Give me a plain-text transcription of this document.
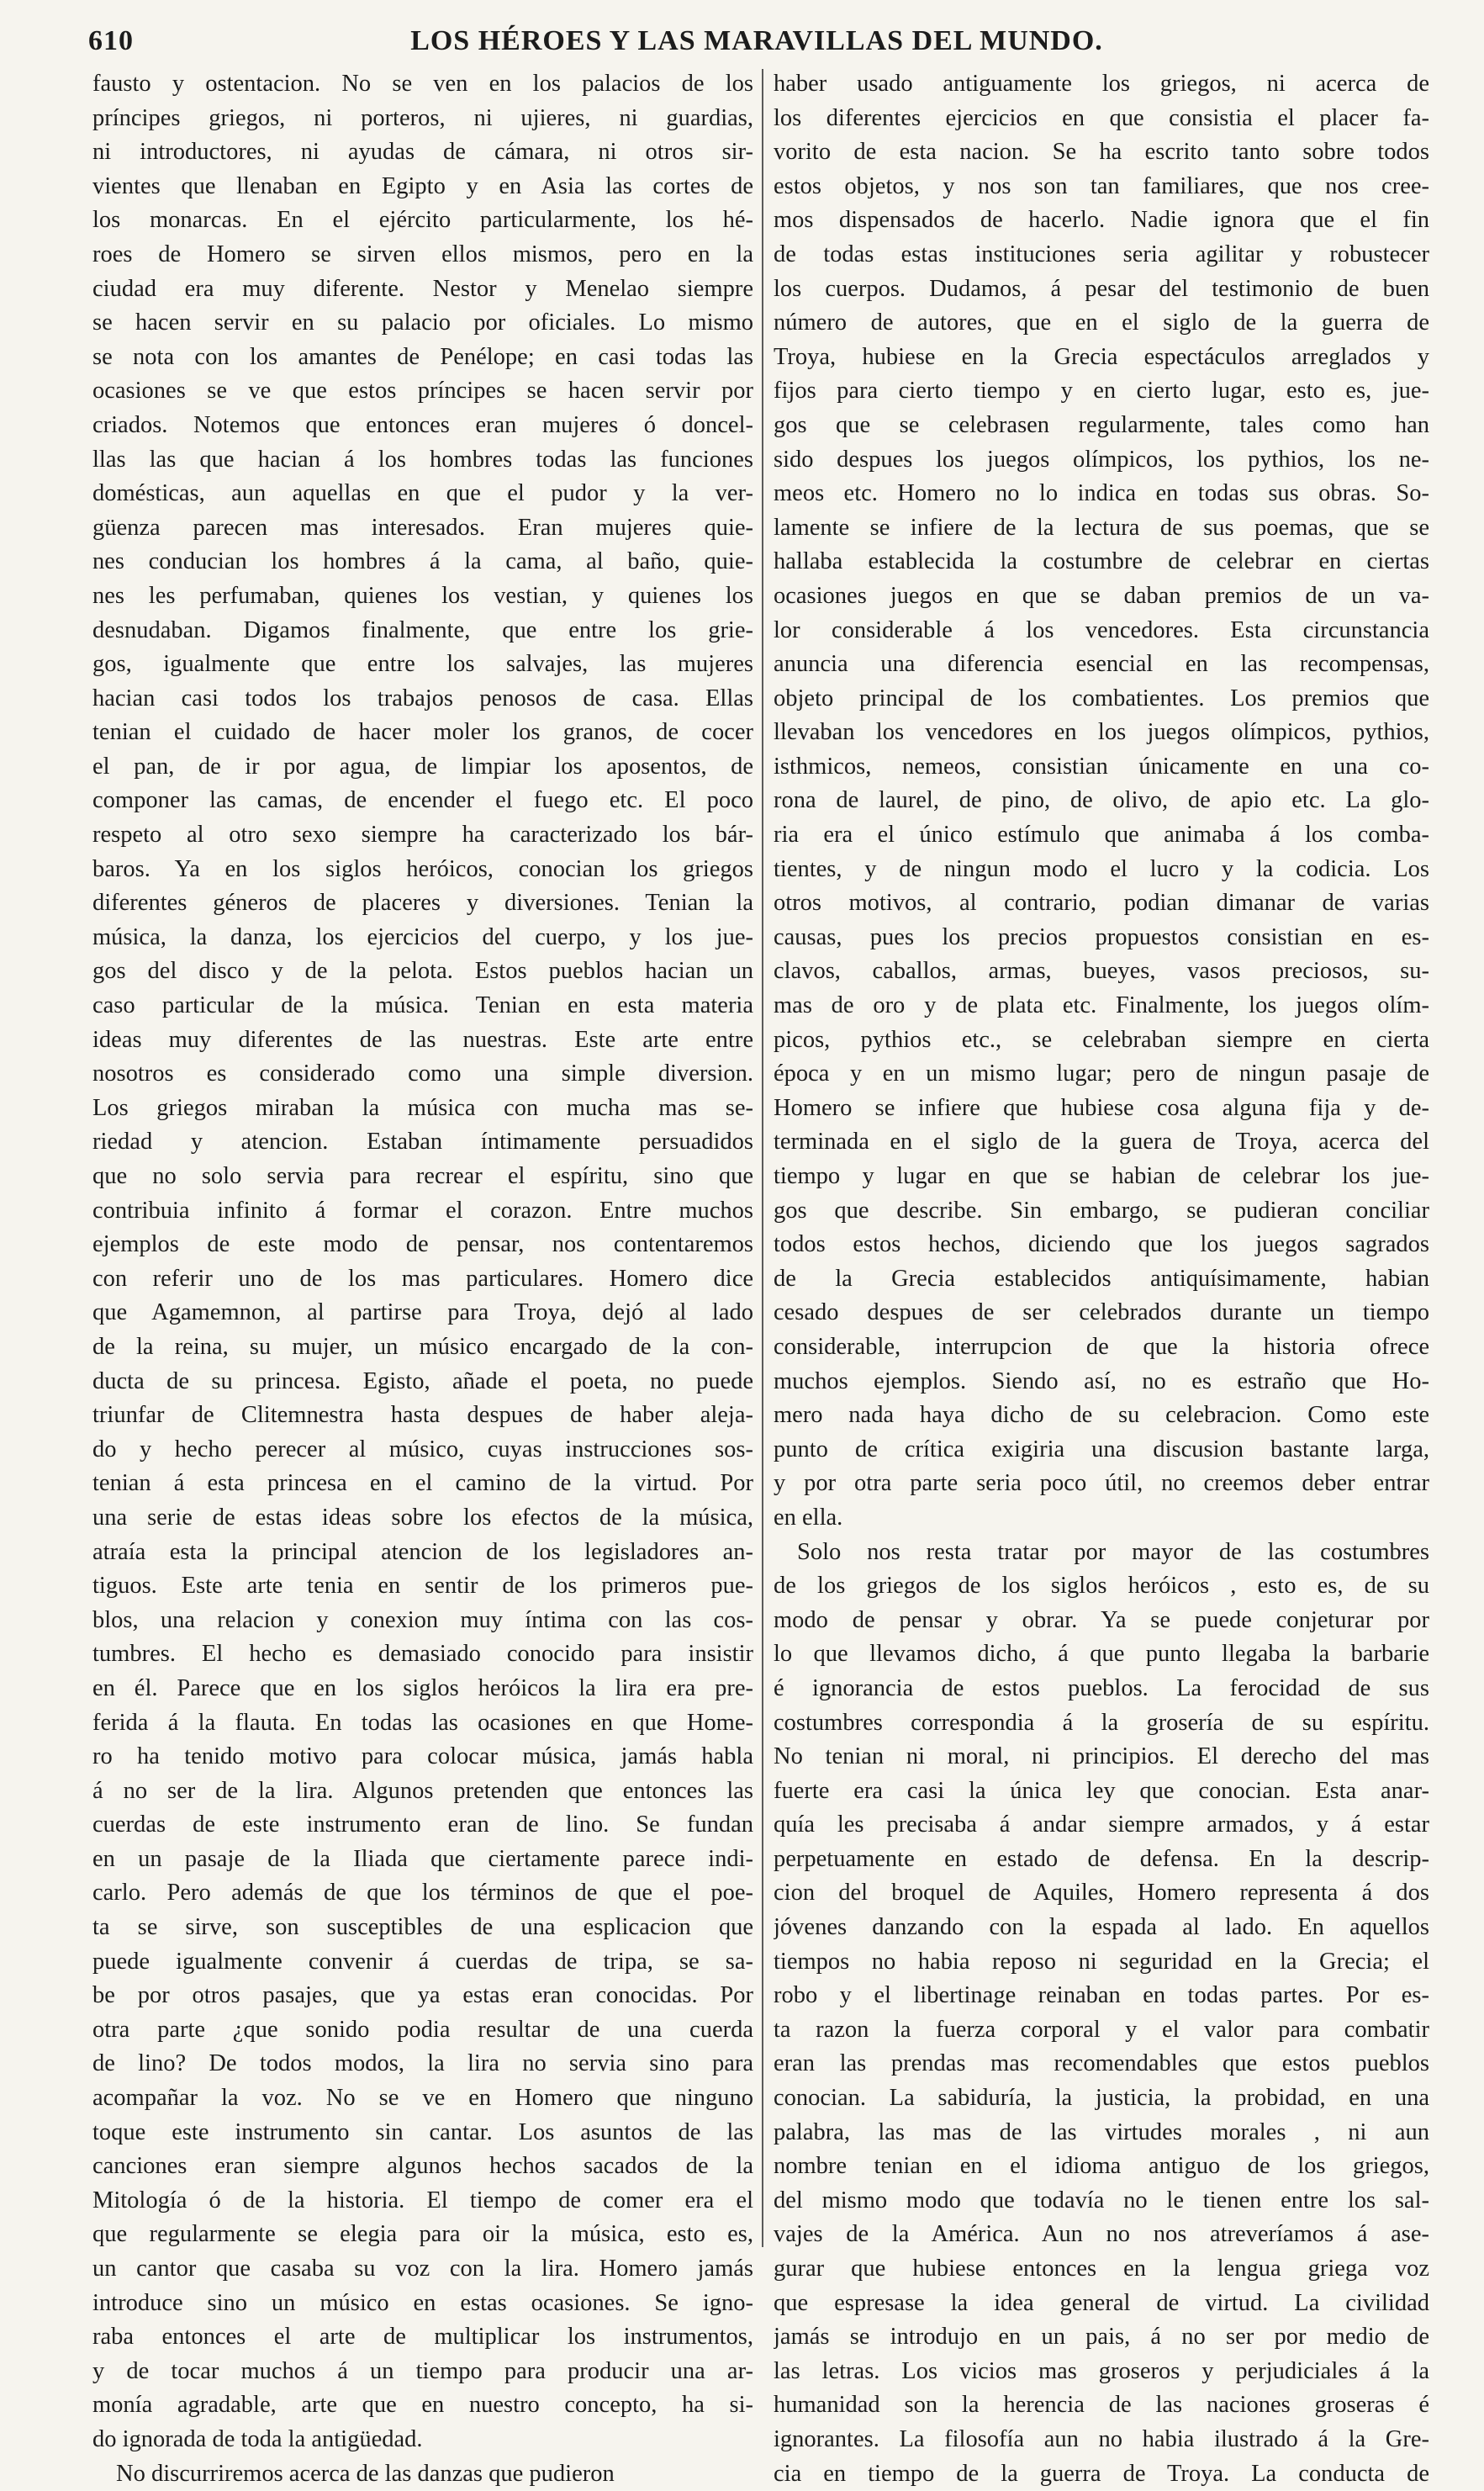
610	LOS HÉROES Y LAS MARAVILLAS DEL MUNDO.
fausto y ostentacion. No se ven en los palacios de los
príncipes griegos, ni porteros, ni ujieres, ni guardias,
ni introductores, ni ayudas de cámara, ni otros sir-
vientes que llenaban en Egipto y en Asia las cortes de
los monarcas. En el ejército particularmente, los hé-
roes de Homero se sirven ellos mismos, pero en la
ciudad era muy diferente. Nestor y Menelao siempre
se hacen servir en su palacio por oficiales. Lo mismo
se nota con los amantes de Penélope; en casi todas las
ocasiones se ve que estos príncipes se hacen servir por
criados. Notemos que entonces eran mujeres ó doncel-
llas las que hacian á los hombres todas las funciones
domésticas, aun aquellas en que el pudor y la ver-
güenza parecen mas interesados. Eran mujeres quie-
nes conducian los hombres á la cama, al baño, quie-
nes les perfumaban, quienes los vestian, y quienes los
desnudaban. Digamos finalmente, que entre los grie-
gos, igualmente que entre los salvajes, las mujeres
hacian casi todos los trabajos penosos de casa. Ellas
tenian el cuidado de hacer moler los granos, de cocer
el pan, de ir por agua, de limpiar los aposentos, de
componer las camas, de encender el fuego etc. El poco
respeto al otro sexo siempre ha caracterizado los bár-
baros. Ya en los siglos heróicos, conocian los griegos
diferentes géneros de placeres y diversiones. Tenian la
música, la danza, los ejercicios del cuerpo, y los jue-
gos del disco y de la pelota. Estos pueblos hacian un
caso particular de la música. Tenian en esta materia
ideas muy diferentes de las nuestras. Este arte entre
nosotros es considerado como una simple diversion.
Los griegos miraban la música con mucha mas se-
riedad y atencion. Estaban íntimamente persuadidos
que no solo servia para recrear el espíritu, sino que
contribuia infinito á formar el corazon. Entre muchos
ejemplos de este modo de pensar, nos contentaremos
con referir uno de los mas particulares. Homero dice
que Agamemnon, al partirse para Troya, dejó al lado
de la reina, su mujer, un músico encargado de la con-
ducta de su princesa. Egisto, añade el poeta, no puede
triunfar de Clitemnestra hasta despues de haber aleja-
do y hecho perecer al músico, cuyas instrucciones sos-
tenian á esta princesa en el camino de la virtud. Por
una serie de estas ideas sobre los efectos de la música,
atraía esta la principal atencion de los legisladores an-
tiguos. Este arte tenia en sentir de los primeros pue-
blos, una relacion y conexion muy íntima con las cos-
tumbres. El hecho es demasiado conocido para insistir
en él. Parece que en los siglos heróicos la lira era pre-
ferida á la flauta. En todas las ocasiones en que Home-
ro ha tenido motivo para colocar música, jamás habla
á no ser de la lira. Algunos pretenden que entonces las
cuerdas de este instrumento eran de lino. Se fundan
en un pasaje de la Iliada que ciertamente parece indi-
carlo. Pero además de que los términos de que el poe-
ta se sirve, son susceptibles de una esplicacion que
puede igualmente convenir á cuerdas de tripa, se sa-
be por otros pasajes, que ya estas eran conocidas. Por
otra parte ¿que sonido podia resultar de una cuerda
de lino? De todos modos, la lira no servia sino para
acompañar la voz. No se ve en Homero que ninguno
toque este instrumento sin cantar. Los asuntos de las
canciones eran siempre algunos hechos sacados de la
Mitología ó de la historia. El tiempo de comer era el
que regularmente se elegia para oir la música, esto es,
un cantor que casaba su voz con la lira. Homero jamás
introduce sino un músico en estas ocasiones. Se igno-
raba entonces el arte de multiplicar los instrumentos,
y de tocar muchos á un tiempo para producir una ar-
monía agradable, arte que en nuestro concepto, ha si-
do ignorada de toda la antigüedad.
No discurriremos acerca de las danzas que pudieron
haber usado antiguamente los griegos, ni acerca de
los diferentes ejercicios en que consistia el placer fa-
vorito de esta nacion. Se ha escrito tanto sobre todos
estos objetos, y nos son tan familiares, que nos cree-
mos dispensados de hacerlo. Nadie ignora que el fin
de todas estas instituciones seria agilitar y robustecer
los cuerpos. Dudamos, á pesar del testimonio de buen
número de autores, que en el siglo de la guerra de
Troya, hubiese en la Grecia espectáculos arreglados y
fijos para cierto tiempo y en cierto lugar, esto es, jue-
gos que se celebrasen regularmente, tales como han
sido despues los juegos olímpicos, los pythios, los ne-
meos etc. Homero no lo indica en todas sus obras. So-
lamente se infiere de la lectura de sus poemas, que se
hallaba establecida la costumbre de celebrar en ciertas
ocasiones juegos en que se daban premios de un va-
lor considerable á los vencedores. Esta circunstancia
anuncia una diferencia esencial en las recompensas,
objeto principal de los combatientes. Los premios que
llevaban los vencedores en los juegos olímpicos, pythios,
isthmicos, nemeos, consistian únicamente en una co-
rona de laurel, de pino, de olivo, de apio etc. La glo-
ria era el único estímulo que animaba á los comba-
tientes, y de ningun modo el lucro y la codicia. Los
otros motivos, al contrario, podian dimanar de varias
causas, pues los precios propuestos consistian en es-
clavos, caballos, armas, bueyes, vasos preciosos, su-
mas de oro y de plata etc. Finalmente, los juegos olím-
picos, pythios etc., se celebraban siempre en cierta
época y en un mismo lugar; pero de ningun pasaje de
Homero se infiere que hubiese cosa alguna fija y de-
terminada en el siglo de la guera de Troya, acerca del
tiempo y lugar en que se habian de celebrar los jue-
gos que describe. Sin embargo, se pudieran conciliar
todos estos hechos, diciendo que los juegos sagrados
de la Grecia establecidos antiquísimamente, habian
cesado despues de ser celebrados durante un tiempo
considerable, interrupcion de que la historia ofrece
muchos ejemplos. Siendo así, no es estraño que Ho-
mero nada haya dicho de su celebracion. Como este
punto de crítica exigiria una discusion bastante larga,
y por otra parte seria poco útil, no creemos deber entrar
en ella.
Solo nos resta tratar por mayor de las costumbres
de los griegos de los siglos heróicos , esto es, de su
modo de pensar y obrar. Ya se puede conjeturar por
lo que llevamos dicho, á que punto llegaba la barbarie
é ignorancia de estos pueblos. La ferocidad de sus
costumbres correspondia á la grosería de su espíritu.
No tenian ni moral, ni principios. El derecho del mas
fuerte era casi la única ley que conocian. Esta anar-
quía les precisaba á andar siempre armados, y á estar
perpetuamente en estado de defensa. En la descrip-
cion del broquel de Aquiles, Homero representa á dos
jóvenes danzando con la espada al lado. En aquellos
tiempos no habia reposo ni seguridad en la Grecia; el
robo y el libertinage reinaban en todas partes. Por es-
ta razon la fuerza corporal y el valor para combatir
eran las prendas mas recomendables que estos pueblos
conocian. La sabiduría, la justicia, la probidad, en una
palabra, las mas de las virtudes morales , ni aun
nombre tenian en el idioma antiguo de los griegos,
del mismo modo que todavía no le tienen entre los sal-
vajes de la América. Aun no nos atreveríamos á ase-
gurar que hubiese entonces en la lengua griega voz
que espresase la idea general de virtud. La civilidad
jamás se introdujo en un pais, á no ser por medio de
las letras. Los vicios mas groseros y perjudiciales á la
humanidad son la herencia de las naciones groseras é
ignorantes. La filosofía aun no habia ilustrado á la Gre-
cia en tiempo de la guerra de Troya. La conducta de
